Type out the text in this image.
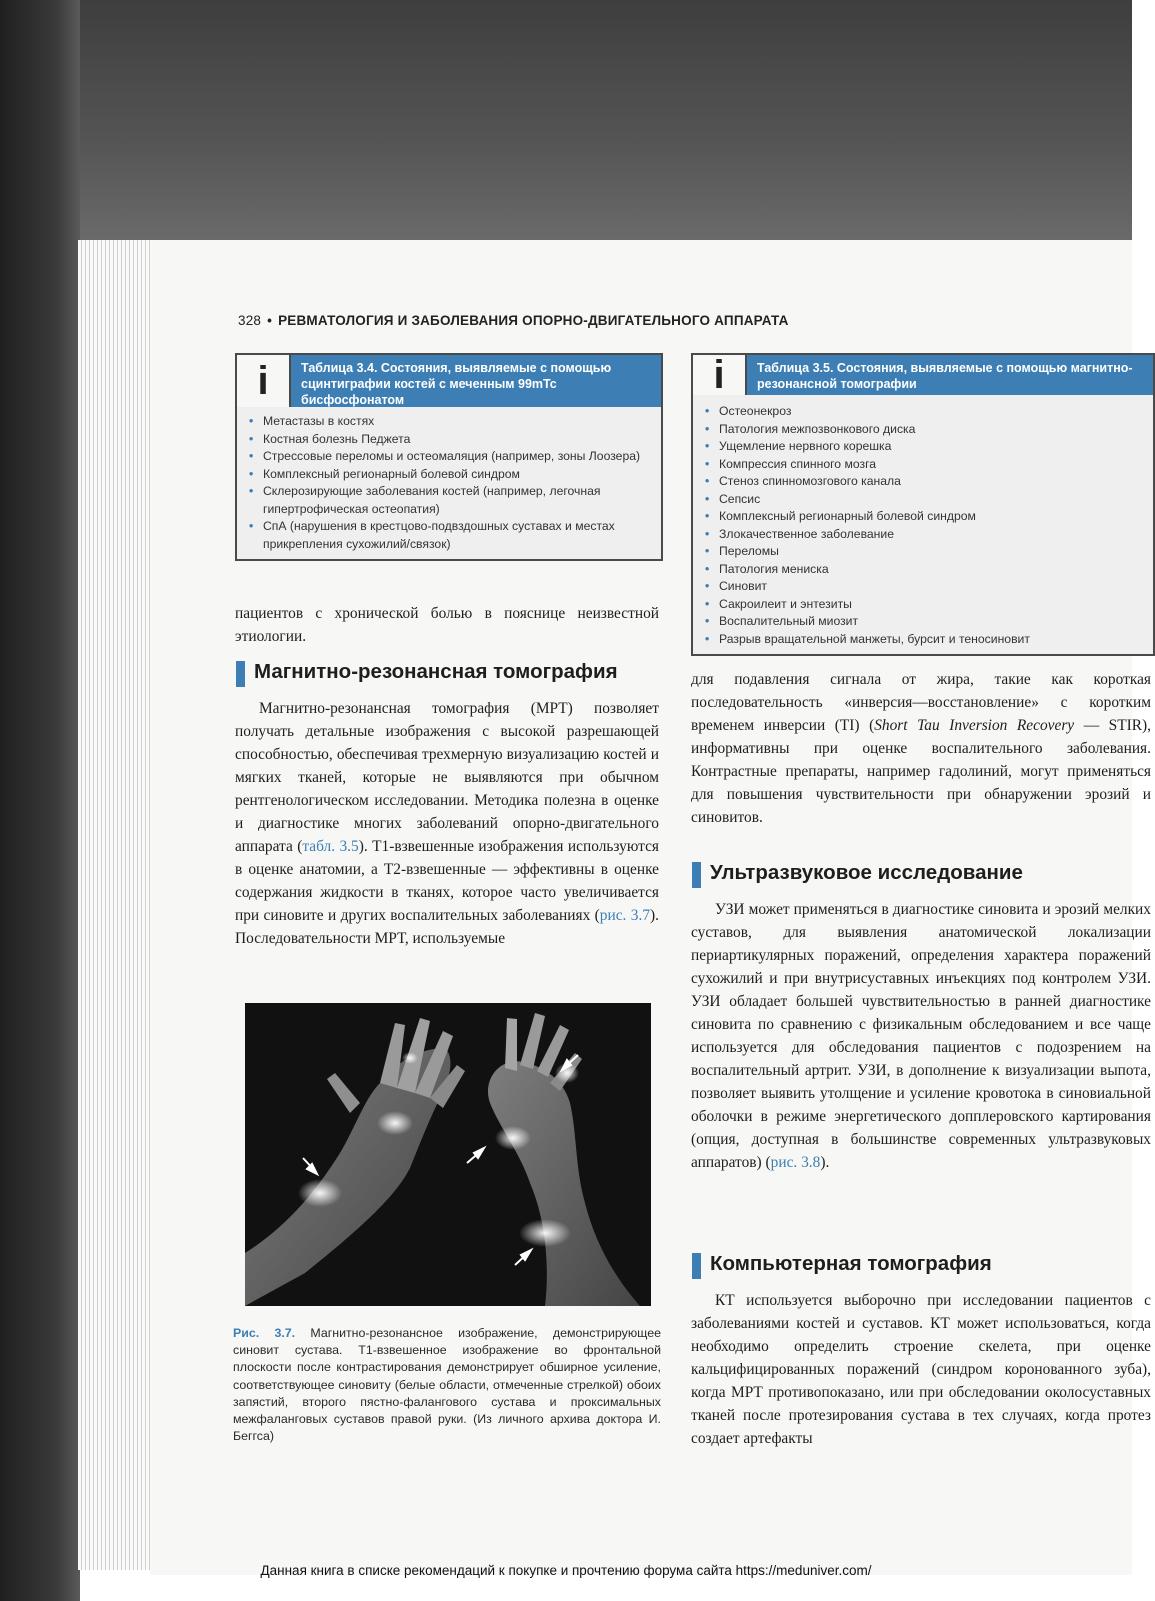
328 • РЕВМАТОЛОГИЯ И ЗАБОЛЕВАНИЯ ОПОРНО-ДВИГАТЕЛЬНОГО АППАРАТА
i	Таблица 3.4. Состояния, выявляемые с помощью сцинтиграфии костей с меченным 99mTc бисфосфонатом
• Метастазы в костях
• Костная болезнь Педжета
• Стрессовые переломы и остеомаляция (например, зоны Лоозера)
• Комплексный регионарный болевой синдром
• Склерозирующие заболевания костей (например, легочная гипертрофическая остеопатия)
• СпА (нарушения в крестцово-подвздошных суставах и местах прикрепления сухожилий/связок)
i	Таблица 3.5. Состояния, выявляемые с помощью магнитно-резонансной томографии
• Остеонекроз
• Патология межпозвонкового диска
• Ущемление нервного корешка
• Компрессия спинного мозга
• Стеноз спинномозгового канала
• Сепсис
• Комплексный регионарный болевой синдром
• Злокачественное заболевание
• Переломы
• Патология мениска
• Синовит
• Сакроилеит и энтезиты
• Воспалительный миозит
• Разрыв вращательной манжеты, бурсит и теносиновит
пациентов с хронической болью в пояснице неизвестной этиологии.
Магнитно-резонансная томография
Магнитно-резонансная томография (МРТ) позволяет получать детальные изображения с высокой разрешающей способностью, обеспечивая трехмерную визуализацию костей и мягких тканей, которые не выявляются при обычном рентгенологическом исследовании. Методика полезна в оценке и диагностике многих заболеваний опорно-двигательного аппарата (табл. 3.5). Т1-взвешенные изображения используются в оценке анатомии, а Т2-взвешенные — эффективны в оценке содержания жидкости в тканях, которое часто увеличивается при синовите и других воспалительных заболеваниях (рис. 3.7). Последовательности МРТ, используемые
Рис. 3.7. Магнитно-резонансное изображение, демонстрирующее синовит сустава. Т1-взвешенное изображение во фронтальной плоскости после контрастирования демонстрирует обширное усиление, соответствующее синовиту (белые области, отмеченные стрелкой) обоих запястий, второго пястно-фалангового сустава и проксимальных межфаланговых суставов правой руки. (Из личного архива доктора И. Беггса)
для подавления сигнала от жира, такие как короткая последовательность «инверсия—восстановление» с коротким временем инверсии (TI) (Short Tau Inversion Recovery — STIR), информативны при оценке воспалительного заболевания. Контрастные препараты, например гадолиний, могут применяться для повышения чувствительности при обнаружении эрозий и синовитов.
Ультразвуковое исследование
УЗИ может применяться в диагностике синовита и эрозий мелких суставов, для выявления анатомической локализации периартикулярных поражений, определения характера поражений сухожилий и при внутрисуставных инъекциях под контролем УЗИ. УЗИ обладает большей чувствительностью в ранней диагностике синовита по сравнению с физикальным обследованием и все чаще используется для обследования пациентов с подозрением на воспалительный артрит. УЗИ, в дополнение к визуализации выпота, позволяет выявить утолщение и усиление кровотока в синовиальной оболочки в режиме энергетического допплеровского картирования (опция, доступная в большинстве современных ультразвуковых аппаратов) (рис. 3.8).
Компьютерная томография
КТ используется выборочно при исследовании пациентов с заболеваниями костей и суставов. КТ может использоваться, когда необходимо определить строение скелета, при оценке кальцифицированных поражений (синдром коронованного зуба), когда МРТ противопоказано, или при обследовании околосуставных тканей после протезирования сустава в тех случаях, когда протез создает артефакты
Данная книга в списке рекомендаций к покупке и прочтению форума сайта https://meduniver.com/
